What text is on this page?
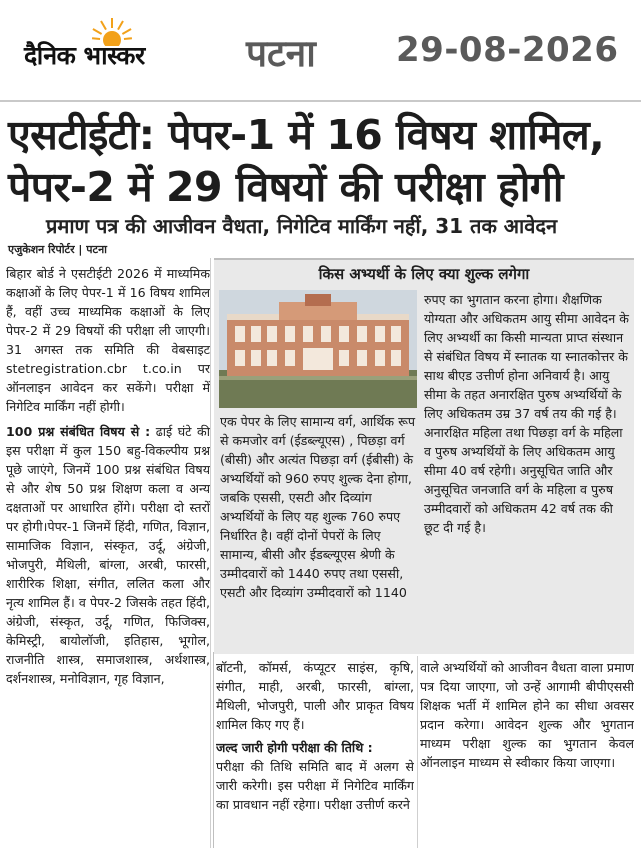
दैनिक भास्कर	पटना 29-08-2026
एसटीईटी: पेपर-1 में 16 विषय शामिल,
पेपर-2 में 29 विषयों की परीक्षा होगी
प्रमाण पत्र की आजीवन वैधता, निगेटिव मार्किंग नहीं, 31 तक आवेदन
एजुकेशन रिपोर्टर | पटना

बिहार बोर्ड ने एसटीईटी 2026 में माध्यमिक कक्षाओं के लिए पेपर-1 में 16 विषय शामिल हैं, वहीं उच्च माध्यमिक कक्षाओं के लिए पेपर-2 में 29 विषयों की परीक्षा ली जाएगी। 31 अगस्त तक समिति की वेबसाइट stetregistration.cbr t.co.in पर ऑनलाइन आवेदन कर सकेंगे। परीक्षा में निगेटिव मार्किंग नहीं होगी।

100 प्रश्न संबंधित विषय से : ढाई घंटे की इस परीक्षा में कुल 150 बहु-विकल्पीय प्रश्न पूछे जाएंगे, जिनमें 100 प्रश्न संबंधित विषय से और शेष 50 प्रश्न शिक्षण कला व अन्य दक्षताओं पर आधारित होंगे। परीक्षा दो स्तरों पर होगी।पेपर-1 जिनमें हिंदी, गणित, विज्ञान, सामाजिक विज्ञान, संस्कृत, उर्दू, अंग्रेजी, भोजपुरी, मैथिली, बांग्ला, अरबी, फारसी, शारीरिक शिक्षा, संगीत, ललित कला और नृत्य शामिल हैं। व पेपर-2 जिसके तहत हिंदी, अंग्रेजी, संस्कृत, उर्दू, गणित, फिजिक्स, केमिस्ट्री, बायोलॉजी, इतिहास, भूगोल, राजनीति शास्त्र, समाजशास्त्र, अर्थशास्त्र, दर्शनशास्त्र, मनोविज्ञान, गृह विज्ञान,

किस अभ्यर्थी के लिए क्या शुल्क लगेगा
एक पेपर के लिए सामान्य वर्ग, आर्थिक रूप से कमजोर वर्ग (ईडब्ल्यूएस) , पिछड़ा वर्ग (बीसी) और अत्यंत पिछड़ा वर्ग (ईबीसी) के अभ्यर्थियों को 960 रुपए शुल्क देना होगा, जबकि एससी, एसटी और दिव्यांग अभ्यर्थियों के लिए यह शुल्क 760 रुपए निर्धारित है। वहीं दोनों पेपरों के लिए सामान्य, बीसी और ईडब्ल्यूएस श्रेणी के उम्मीदवारों को 1440 रुपए तथा एससी, एसटी और दिव्यांग उम्मीदवारों को 1140
रुपए का भुगतान करना होगा। शैक्षणिक योग्यता और अधिकतम आयु सीमा आवेदन के लिए अभ्यर्थी का किसी मान्यता प्राप्त संस्थान से संबंधित विषय में स्नातक या स्नातकोत्तर के साथ बीएड उत्तीर्ण होना अनिवार्य है। आयु सीमा के तहत अनारक्षित पुरुष अभ्यर्थियों के लिए अधिकतम उम्र 37 वर्ष तय की गई है। अनारक्षित महिला तथा पिछड़ा वर्ग के महिला व पुरुष अभ्यर्थियों के लिए अधिकतम आयु सीमा 40 वर्ष रहेगी। अनुसूचित जाति और अनुसूचित जनजाति वर्ग के महिला व पुरुष उम्मीदवारों को अधिकतम 42 वर्ष तक की छूट दी गई है।

बॉटनी, कॉमर्स, कंप्यूटर साइंस, कृषि, संगीत, माही, अरबी, फारसी, बांग्ला, मैथिली, भोजपुरी, पाली और प्राकृत विषय शामिल किए गए हैं।

जल्द जारी होगी परीक्षा की तिथि :

परीक्षा की तिथि समिति बाद में अलग से जारी करेगी। इस परीक्षा में निगेटिव मार्किंग का प्रावधान नहीं रहेगा। परीक्षा उत्तीर्ण करने

वाले अभ्यर्थियों को आजीवन वैधता वाला प्रमाण पत्र दिया जाएगा, जो उन्हें आगामी बीपीएससी शिक्षक भर्ती में शामिल होने का सीधा अवसर प्रदान करेगा। आवेदन शुल्क और भुगतान माध्यम परीक्षा शुल्क का भुगतान केवल ऑनलाइन माध्यम से स्वीकार किया जाएगा।
